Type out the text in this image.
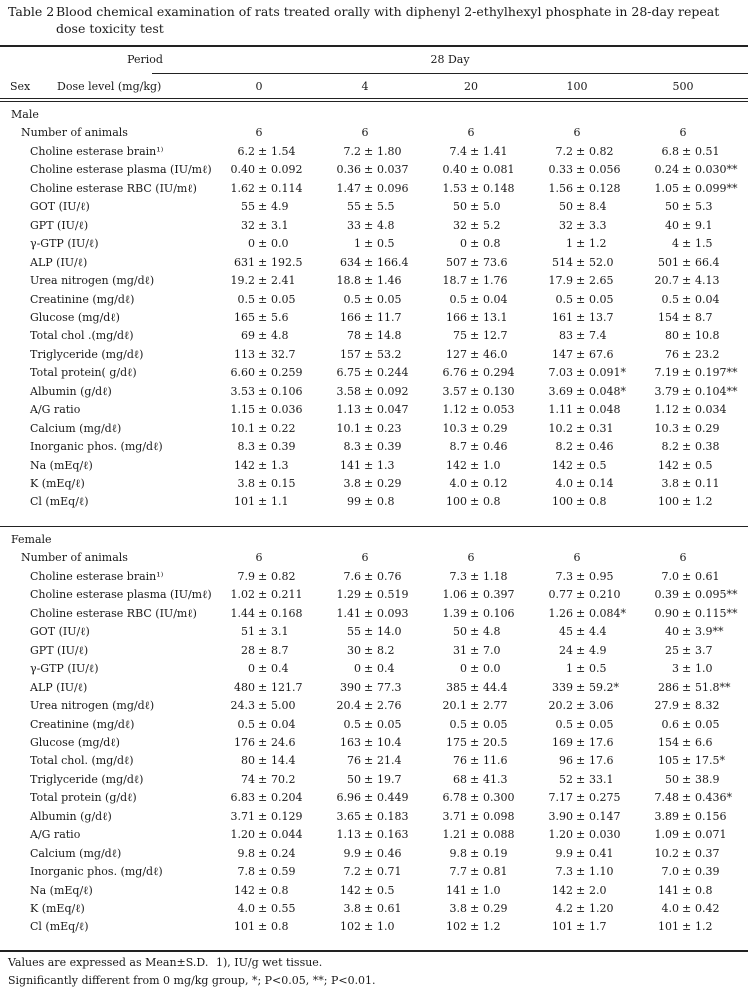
Table 2 Blood chemical examination of rats treated orally with diphenyl 2-ethylhexyl phosphate in 28-day repeat dose toxicity test
Period	28 Day
Sex Dose level (mg/kg)	0	4	20	100	500
Male
Number of animals	6	6	6	6	6
Choline esterase brain¹⁾	6.2 ± 1.54	7.2 ± 1.80	7.4 ± 1.41	7.2 ± 0.82	6.8 ± 0.51
Choline esterase plasma (IU/mℓ) 0.40 ± 0.092	0.36 ± 0.037	0.40 ± 0.081	0.33 ± 0.056	0.24 ± 0.030**
Choline esterase RBC (IU/mℓ)	1.62 ± 0.114	1.47 ± 0.096	1.53 ± 0.148	1.56 ± 0.128	1.05 ± 0.099**
GOT (IU/ℓ)	55 ± 4.9	55 ± 5.5	50 ± 5.0	50 ± 8.4	50 ± 5.3
GPT (IU/ℓ)	32 ± 3.1	33 ± 4.8	32 ± 5.2	32 ± 3.3	40 ± 9.1
γ-GTP (IU/ℓ)	0 ± 0.0	1 ± 0.5	0 ± 0.8	1 ± 1.2	4 ± 1.5
ALP (IU/ℓ)	631 ± 192.5	634 ± 166.4	507 ± 73.6	514 ± 52.0	501 ± 66.4
Urea nitrogen (mg/dℓ)	19.2 ± 2.41	18.8 ± 1.46	18.7 ± 1.76	17.9 ± 2.65	20.7 ± 4.13
Creatinine (mg/dℓ)	0.5 ± 0.05	0.5 ± 0.05	0.5 ± 0.04	0.5 ± 0.05	0.5 ± 0.04
Glucose (mg/dℓ)	165 ± 5.6	166 ± 11.7	166 ± 13.1	161 ± 13.7	154 ± 8.7
Total chol .(mg/dℓ)	69 ± 4.8	78 ± 14.8	75 ± 12.7	83 ± 7.4	80 ± 10.8
Triglyceride (mg/dℓ)	113 ± 32.7	157 ± 53.2	127 ± 46.0	147 ± 67.6	76 ± 23.2
Total protein( g/dℓ)	6.60 ± 0.259	6.75 ± 0.244	6.76 ± 0.294	7.03 ± 0.091*	7.19 ± 0.197**
Albumin (g/dℓ)	3.53 ± 0.106	3.58 ± 0.092	3.57 ± 0.130	3.69 ± 0.048*	3.79 ± 0.104**
A/G ratio	1.15 ± 0.036	1.13 ± 0.047	1.12 ± 0.053	1.11 ± 0.048	1.12 ± 0.034
Calcium (mg/dℓ)	10.1 ± 0.22	10.1 ± 0.23	10.3 ± 0.29	10.2 ± 0.31	10.3 ± 0.29
Inorganic phos. (mg/dℓ)	8.3 ± 0.39	8.3 ± 0.39	8.7 ± 0.46	8.2 ± 0.46	8.2 ± 0.38
Na (mEq/ℓ)	142 ± 1.3	141 ± 1.3	142 ± 1.0	142 ± 0.5	142 ± 0.5
K (mEq/ℓ)	3.8 ± 0.15	3.8 ± 0.29	4.0 ± 0.12	4.0 ± 0.14	3.8 ± 0.11
Cl (mEq/ℓ)	101 ± 1.1	99 ± 0.8	100 ± 0.8	100 ± 0.8	100 ± 1.2
Female
Number of animals	6	6	6	6	6
Choline esterase brain¹⁾	7.9 ± 0.82	7.6 ± 0.76	7.3 ± 1.18	7.3 ± 0.95	7.0 ± 0.61
Choline esterase plasma (IU/mℓ) 1.02 ± 0.211	1.29 ± 0.519	1.06 ± 0.397	0.77 ± 0.210	0.39 ± 0.095**
Choline esterase RBC (IU/mℓ)	1.44 ± 0.168	1.41 ± 0.093	1.39 ± 0.106	1.26 ± 0.084*	0.90 ± 0.115**
GOT (IU/ℓ)	51 ± 3.1	55 ± 14.0	50 ± 4.8	45 ± 4.4	40 ± 3.9**
GPT (IU/ℓ)	28 ± 8.7	30 ± 8.2	31 ± 7.0	24 ± 4.9	25 ± 3.7
γ-GTP (IU/ℓ)	0 ± 0.4	0 ± 0.4	0 ± 0.0	1 ± 0.5	3 ± 1.0
ALP (IU/ℓ)	480 ± 121.7	390 ± 77.3	385 ± 44.4	339 ± 59.2*	286 ± 51.8**
Urea nitrogen (mg/dℓ)	24.3 ± 5.00	20.4 ± 2.76	20.1 ± 2.77	20.2 ± 3.06	27.9 ± 8.32
Creatinine (mg/dℓ)	0.5 ± 0.04	0.5 ± 0.05	0.5 ± 0.05	0.5 ± 0.05	0.6 ± 0.05
Glucose (mg/dℓ)	176 ± 24.6	163 ± 10.4	175 ± 20.5	169 ± 17.6	154 ± 6.6
Total chol. (mg/dℓ)	80 ± 14.4	76 ± 21.4	76 ± 11.6	96 ± 17.6	105 ± 17.5*
Triglyceride (mg/dℓ)	74 ± 70.2	50 ± 19.7	68 ± 41.3	52 ± 33.1	50 ± 38.9
Total protein (g/dℓ)	6.83 ± 0.204	6.96 ± 0.449	6.78 ± 0.300	7.17 ± 0.275	7.48 ± 0.436*
Albumin (g/dℓ)	3.71 ± 0.129	3.65 ± 0.183	3.71 ± 0.098	3.90 ± 0.147	3.89 ± 0.156
A/G ratio	1.20 ± 0.044	1.13 ± 0.163	1.21 ± 0.088	1.20 ± 0.030	1.09 ± 0.071
Calcium (mg/dℓ)	9.8 ± 0.24	9.9 ± 0.46	9.8 ± 0.19	9.9 ± 0.41	10.2 ± 0.37
Inorganic phos. (mg/dℓ)	7.8 ± 0.59	7.2 ± 0.71	7.7 ± 0.81	7.3 ± 1.10	7.0 ± 0.39
Na (mEq/ℓ)	142 ± 0.8	142 ± 0.5	141 ± 1.0	142 ± 2.0	141 ± 0.8
K (mEq/ℓ)	4.0 ± 0.55	3.8 ± 0.61	3.8 ± 0.29	4.2 ± 1.20	4.0 ± 0.42
Cl (mEq/ℓ)	101 ± 0.8	102 ± 1.0	102 ± 1.2	101 ± 1.7	101 ± 1.2
Values are expressed as Mean±S.D. 1), IU/g wet tissue.
Significantly different from 0 mg/kg group, *; P<0.05, **; P<0.01.
